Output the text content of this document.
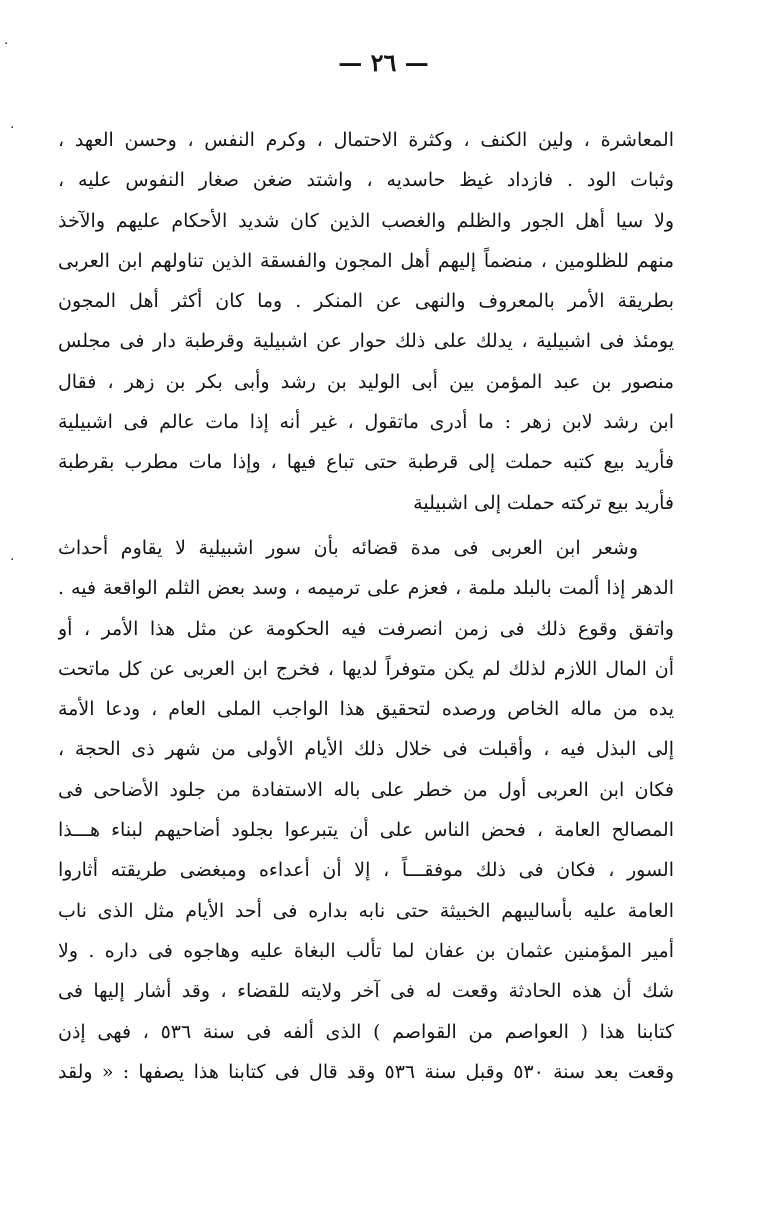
— ٢٦ —
المعاشرة ، ولين الكنف ، وكثرة الاحتمال ، وكرم النفس ، وحسن العهد ،
وثبات الود . فازداد غيظ حاسديه ، واشتد ضغن صغار النفوس عليه ،
ولا سيا أهل الجور والظلم والغصب الذين كان شديد الأحكام عليهم والآخذ
منهم للظلومين ، منضماً إليهم أهل المجون والفسقة الذين تناولهم ابن العربى
بطريقة الأمر بالمعروف والنهى عن المنكر . وما كان أكثر أهل المجون
يومئذ فى اشبيلية ، يدلك على ذلك حوار عن اشبيلية وقرطبة دار فى مجلس
منصور بن عبد المؤمن بين أبى الوليد بن رشد وأبى بكر بن زهر ، فقال
ابن رشد لابن زهر : ما أدرى ماتقول ، غير أنه إذا مات عالم فى اشبيلية
فأريد بيع كتبه حملت إلى قرطبة حتى تباع فيها ، وإذا مات مطرب بقرطبة
فأريد بيع تركته حملت إلى اشبيلية
وشعر ابن العربى فى مدة قضائه بأن سور اشبيلية لا يقاوم أحداث
الدهر إذا ألمت بالبلد ملمة ، فعزم على ترميمه ، وسد بعض الثلم الواقعة فيه .
واتفق وقوع ذلك فى زمن انصرفت فيه الحكومة عن مثل هذا الأمر ، أو
أن المال اللازم لذلك لم يكن متوفراً لديها ، فخرج ابن العربى عن كل ماتحت
يده من ماله الخاص ورصده لتحقيق هذا الواجب الملى العام ، ودعا الأمة
إلى البذل فيه ، وأقبلت فى خلال ذلك الأيام الأولى من شهر ذى الحجة ،
فكان ابن العربى أول من خطر على باله الاستفادة من جلود الأضاحى فى
المصالح العامة ، فحض الناس على أن يتبرعوا بجلود أضاحيهم لبناء هـــذا
السور ، فكان فى ذلك موفقـــاً ، إلا أن أعداءه ومبغضى طريقته أثاروا
العامة عليه بأساليبهم الخبيثة حتى نابه بداره فى أحد الأيام مثل الذى ناب
أمير المؤمنين عثمان بن عفان لما تألب البغاة عليه وهاجوه فى داره . ولا
شك أن هذه الحادثة وقعت له فى آخر ولايته للقضاء ، وقد أشار إليها فى
كتابنا هذا ( العواصم من القواصم ) الذى ألفه فى سنة ٥٣٦ ، فهى إذن
وقعت بعد سنة ٥٣٠ وقبل سنة ٥٣٦ وقد قال فى كتابنا هذا يصفها : « ولقد
·
·
·
